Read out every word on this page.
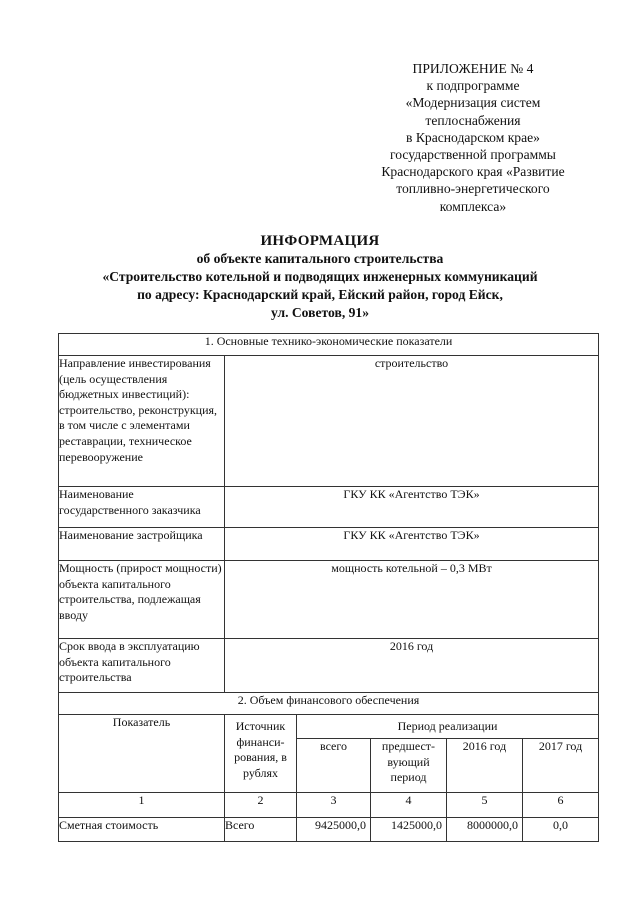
ПРИЛОЖЕНИЕ № 4
к подпрограмме
«Модернизация систем
теплоснабжения
в Краснодарском крае»
государственной программы
Краснодарского края «Развитие
топливно-энергетического
комплекса»
ИНФОРМАЦИЯ
об объекте капитального строительства
«Строительство котельной и подводящих инженерных коммуникаций
по адресу: Краснодарский край, Ейский район, город Ейск,
ул. Советов, 91»
1. Основные технико-экономические показатели					
Направление инвестирования (цель осуществления бюджетных инвестиций): строительство, реконструкция, в том числе с элементами реставрации, техническое перевооружение	строительство				
Наименование государственного заказчика	ГКУ КК «Агентство ТЭК»				
Наименование застройщика	ГКУ КК «Агентство ТЭК»				
Мощность (прирост мощности) объекта капитального строительства, подлежащая вводу	мощность котельной – 0,3 МВт				
Срок ввода в эксплуатацию объекта капитального строительства	2016 год				
2. Объем финансового обеспечения					
Показатель	Источник финанси-рования, в рублях	Период реализации			
		всего	предшест-вующий период	2016 год	2017 год
1	2	3	4	5	6
Сметная стоимость	Всего	9425000,0	1425000,0	8000000,0	0,0
